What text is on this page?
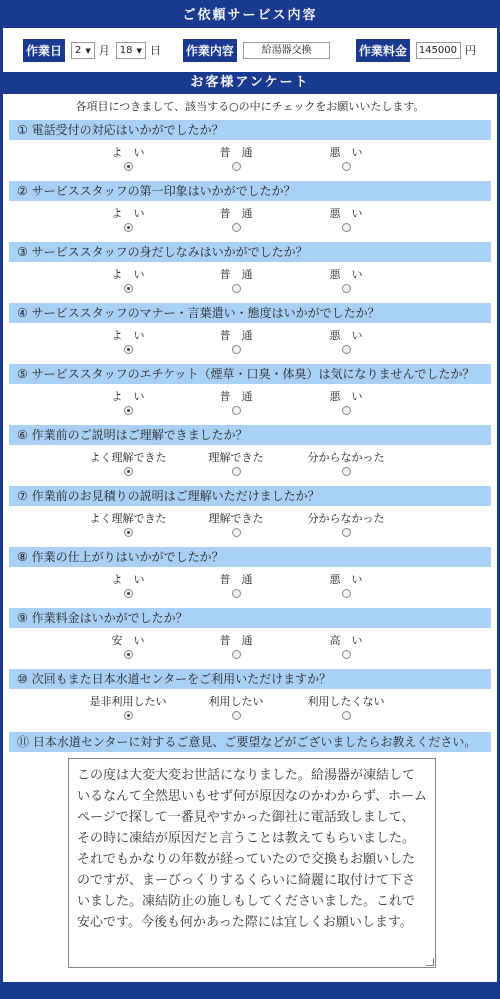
ご依頼サービス内容
作業日	2 ▼ 月	18 ▼ 日 作業内容	給湯器交換	作業料金	145000 円
お客様アンケート
各項目につきまして、該当する○の中にチェックをお願いいたします。
① 電話受付の対応はいかがでしたか？
よ　い	普　通	悪　い
② サービススタッフの第一印象はいかがでしたか？
よ　い	普　通	悪　い
③ サービススタッフの身だしなみはいかがでしたか？
よ　い	普　通	悪　い
④ サービススタッフのマナー・言葉遣い・態度はいかがでしたか？
よ　い	普　通	悪　い
⑤ サービススタッフのエチケット（煙草・口臭・体臭）は気になりませんでしたか？
よ　い	普　通	悪　い
⑥ 作業前のご説明はご理解できましたか？
よく理解できた	理解できた	分からなかった
⑦ 作業前のお見積りの説明はご理解いただけましたか？
よく理解できた	理解できた	分からなかった
⑧ 作業の仕上がりはいかがでしたか？
よ　い	普　通	悪　い
⑨ 作業料金はいかがでしたか？
安　い	普　通	高　い
⑩ 次回もまた日本水道センターをご利用いただけますか？
是非利用したい	利用したい	利用したくない
⑪ 日本水道センターに対するご意見、ご要望などがございましたらお教えください。
この度は大変大変お世話になりました。給湯器が凍結しているなんて全然思いもせず何が原因なのかわからず、ホームページで探して一番見やすかった御社に電話致しまして、その時に凍結が原因だと言うことは教えてもらいました。それでもかなりの年数が経っていたので交換もお願いしたのですが、まーびっくりするくらいに綺麗に取付けて下さいました。凍結防止の施しもしてくださいました。これで安心です。今後も何かあった際には宜しくお願いします。
